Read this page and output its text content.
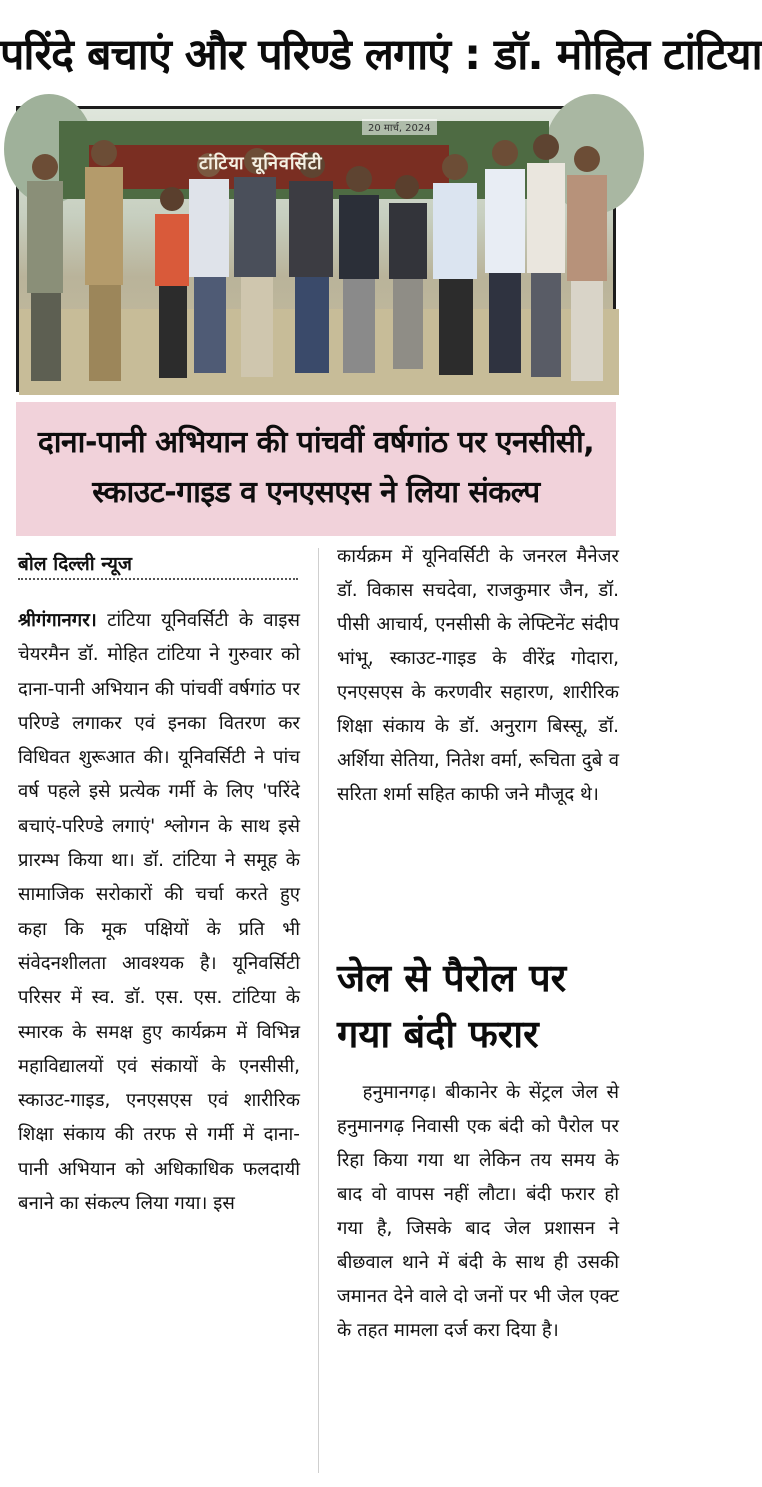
परिंदे बचाएं और परिण्डे लगाएं : डॉ. मोहित टांटिया
20 मार्च, 2024
टांटिया यूनिवर्सिटी
दाना-पानी अभियान की पांचवीं वर्षगांठ पर एनसीसी,
स्काउट-गाइड व एनएसएस ने लिया संकल्प
बोल दिल्ली न्यूज
श्रीगंगानगर। टांटिया यूनिवर्सिटी के वाइस चेयरमैन डॉ. मोहित टांटिया ने गुरुवार को दाना-पानी अभियान की पांचवीं वर्षगांठ पर परिण्डे लगाकर एवं इनका वितरण कर विधिवत शुरूआत की। यूनिवर्सिटी ने पांच वर्ष पहले इसे प्रत्येक गर्मी के लिए 'परिंदे बचाएं-परिण्डे लगाएं' श्लोगन के साथ इसे प्रारम्भ किया था। डॉ. टांटिया ने समूह के सामाजिक सरोकारों की चर्चा करते हुए कहा कि मूक पक्षियों के प्रति भी संवेदनशीलता आवश्यक है। यूनिवर्सिटी परिसर में स्व. डॉ. एस. एस. टांटिया के स्मारक के समक्ष हुए कार्यक्रम में विभिन्न महाविद्यालयों एवं संकायों के एनसीसी, स्काउट-गाइड, एनएसएस एवं शारीरिक शिक्षा संकाय की तरफ से गर्मी में दाना-पानी अभियान को अधिकाधिक फलदायी बनाने का संकल्प लिया गया। इस
कार्यक्रम में यूनिवर्सिटी के जनरल मैनेजर डॉ. विकास सचदेवा, राजकुमार जैन, डॉ. पीसी आचार्य, एनसीसी के लेफ्टिनेंट संदीप भांभू, स्काउट-गाइड के वीरेंद्र गोदारा, एनएसएस के करणवीर सहारण, शारीरिक शिक्षा संकाय के डॉ. अनुराग बिस्सू, डॉ. अर्शिया सेतिया, नितेश वर्मा, रूचिता दुबे व सरिता शर्मा सहित काफी जने मौजूद थे।
जेल से पैरोल पर
गया बंदी फरार
हनुमानगढ़। बीकानेर के सेंट्रल जेल से हनुमानगढ़ निवासी एक बंदी को पैरोल पर रिहा किया गया था लेकिन तय समय के बाद वो वापस नहीं लौटा। बंदी फरार हो गया है, जिसके बाद जेल प्रशासन ने बीछवाल थाने में बंदी के साथ ही उसकी जमानत देने वाले दो जनों पर भी जेल एक्ट के तहत मामला दर्ज करा दिया है।
